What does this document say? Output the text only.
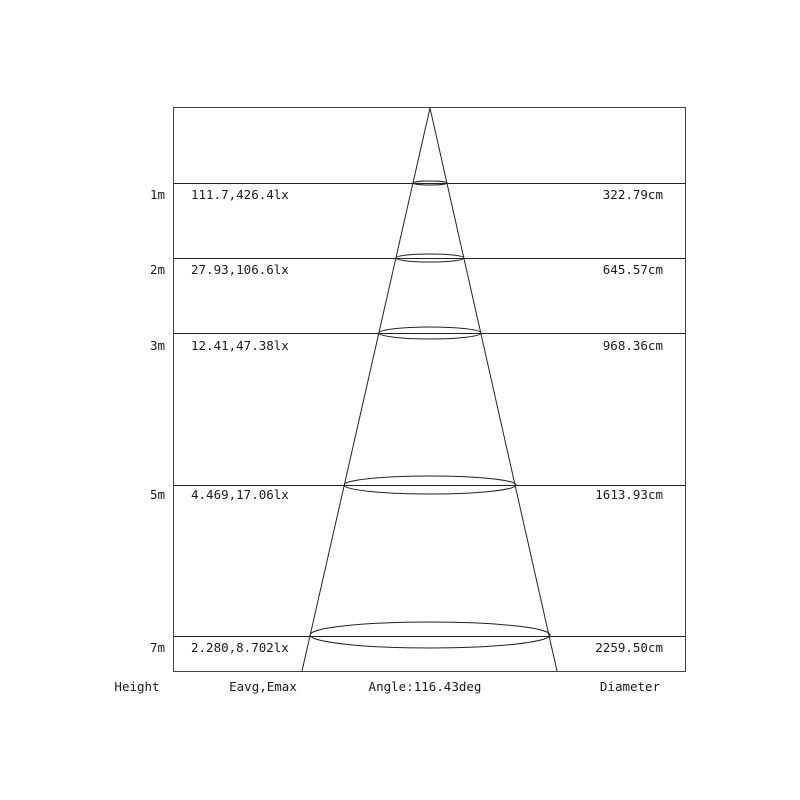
1m 111.7,426.4lx	322.79cm
2m 27.93,106.6lx	645.57cm
3m 12.41,47.38lx	968.36cm
5m 4.469,17.06lx	1613.93cm
7m 2.280,8.702lx	2259.50cm
Height	Eavg,Emax	Angle:116.43deg	Diameter
